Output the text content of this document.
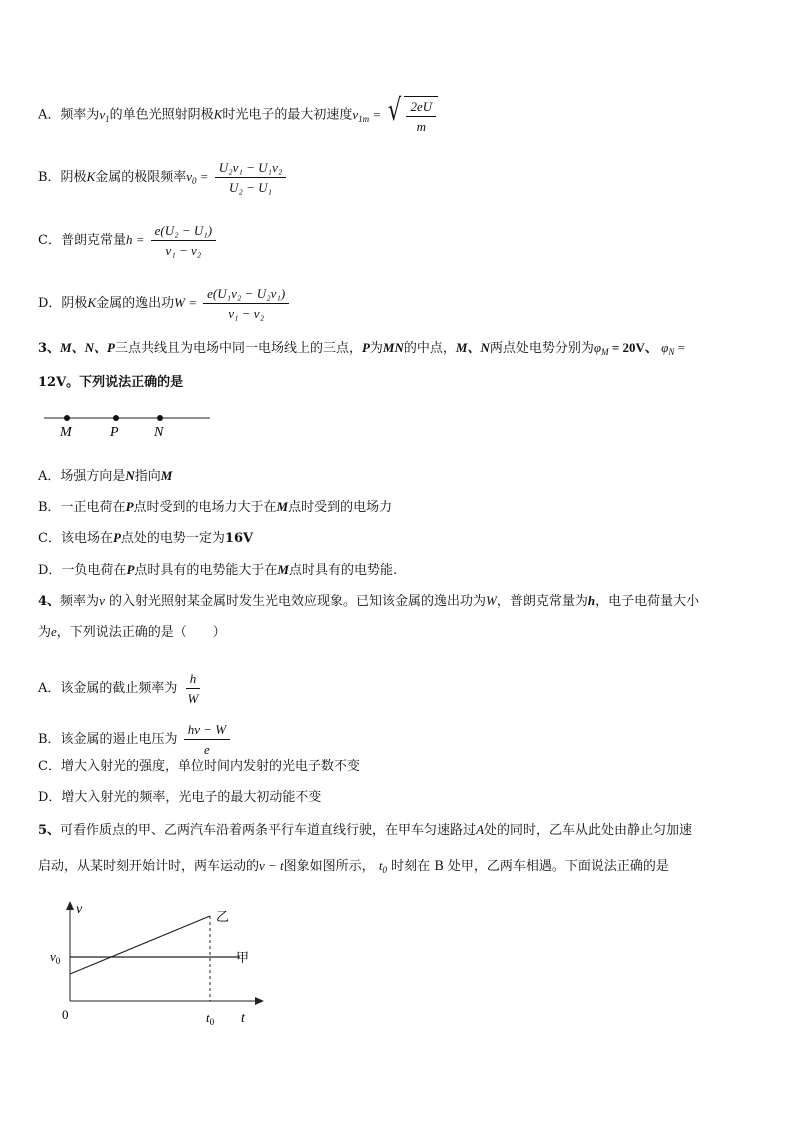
A．频率为$v_1$的单色光照射阴极K时光电子的最大初速度$v_{1m}$ = √ $\frac{2eU}{m}$
B．阴极K金属的极限频率$v_0 = \frac{\text{U₂v₁ − U₁v₂}}{\text{U₂ − U₁}}$
C．普朗克常量$h = \frac{\text{e(U₂ − U₁)}}{\text{v₁ − v₂}}$
D．阴极K金属的逸出功$W = \frac{\text{e(U₁v₂ − U₂v₁)}}{\text{v₁ − v₂}}$
3、M、N、P三点共线且为电场中同一电场线上的三点，P为MN的中点，M、N两点处电势分别为$\varphi_M = 20V$、 $\varphi_N$ =
12V。下列说法正确的是
M	P	N
A．场强方向是N指向M
B．一正电荷在P点时受到的电场力大于在M点时受到的电场力
C．该电场在P点处的电势一定为16V
D．一负电荷在P点时具有的电势能大于在M点时具有的电势能.
4、频率为ν 的入射光照射某金属时发生光电效应现象。已知该金属的逸出功为W，普朗克常量为h，电子电荷量大小
为e，下列说法正确的是（　　）
A．该金属的截止频率为 $\frac{h}{W}$
B．该金属的遏止电压为 $\frac{h\nu - W}{e}$
C．增大入射光的强度，单位时间内发射的光电子数不变
D．增大入射光的频率，光电子的最大初动能不变
5、可看作质点的甲、乙两汽车沿着两条平行车道直线行驶，在甲车匀速路过A处的同时，乙车从此处由静止匀加速
启动，从某时刻开始计时，两车运动的v − t图象如图所示， $t_0$ 时刻在 B 处甲，乙两车相遇。下面说法正确的是
v
t
0
$v_0$
$t_0$
甲
乙
